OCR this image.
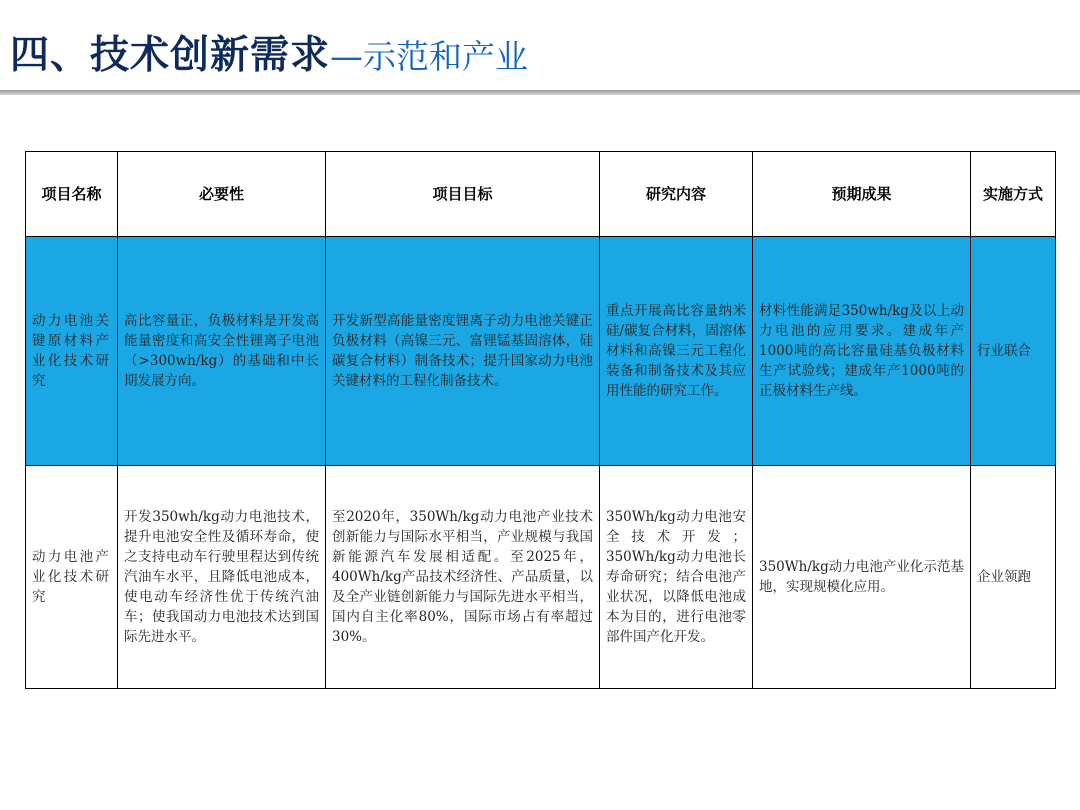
四、技术创新需求 —示范和产业
项目名称	必要性	项目目标	研究内容	预期成果	实施方式
动力电池关键原材料产业化技术研究	高比容量正，负极材料是开发高能量密度和高安全性锂离子电池（>300wh/kg）的基础和中长期发展方向。	开发新型高能量密度锂离子动力电池关键正负极材料（高镍三元、富锂锰基固溶体，硅碳复合材料）制备技术；提升国家动力电池关键材料的工程化制备技术。	重点开展高比容量纳米硅/碳复合材料，固溶体材料和高镍三元工程化装备和制备技术及其应用性能的研究工作。	材料性能满足350wh/kg及以上动力电池的应用要求。建成年产1000吨的高比容量硅基负极材料生产试验线；建成年产1000吨的正极材料生产线。	行业联合
动力电池产业化技术研究	开发350wh/kg动力电池技术，提升电池安全性及循环寿命，使之支持电动车行驶里程达到传统汽油车水平，且降低电池成本，使电动车经济性优于传统汽油车；使我国动力电池技术达到国际先进水平。	至2020年，350Wh/kg动力电池产业技术创新能力与国际水平相当，产业规模与我国新能源汽车发展相适配。至2025年，400Wh/kg产品技术经济性、产品质量，以及全产业链创新能力与国际先进水平相当，国内自主化率80%，国际市场占有率超过30%。	350Wh/kg动力电池安全技术开发；350Wh/kg动力电池长寿命研究；结合电池产业状况，以降低电池成本为目的，进行电池零部件国产化开发。	350Wh/kg动力电池产业化示范基地，实现规模化应用。	企业领跑
